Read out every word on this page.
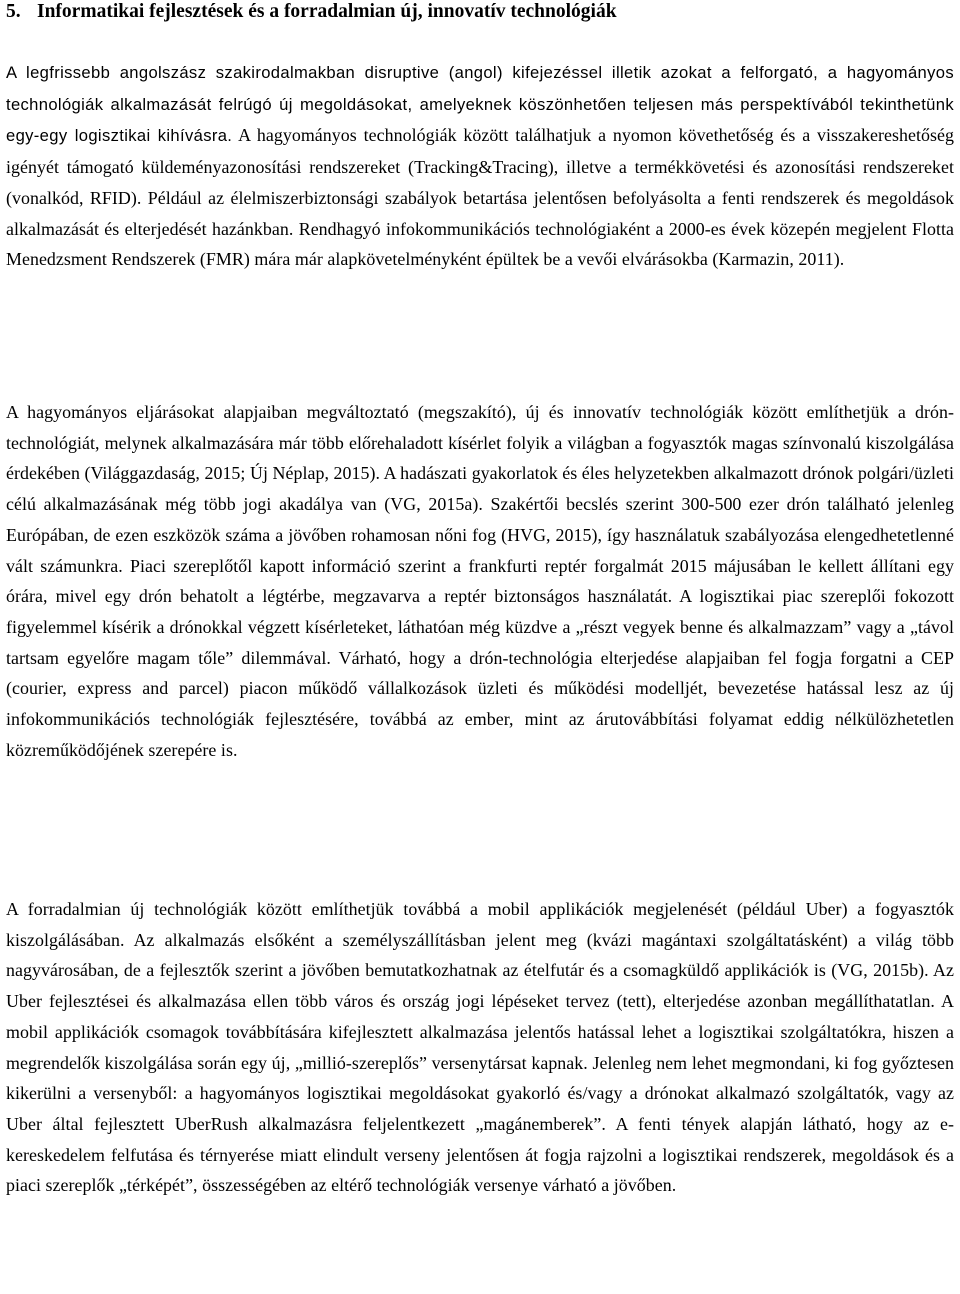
5. Informatikai fejlesztések és a forradalmian új, innovatív technológiák

A legfrissebb angolszász szakirodalmakban disruptive (angol) kifejezéssel illetik azokat a felforgató, a hagyományos technológiák alkalmazását felrúgó új megoldásokat, amelyeknek köszönhetően teljesen más perspektívából tekinthetünk egy-egy logisztikai kihívásra. A hagyományos technológiák között találhatjuk a nyomon követhetőség és a visszakereshetőség igényét támogató küldeményazonosítási rendszereket (Tracking&Tracing), illetve a termékkövetési és azonosítási rendszereket (vonalkód, RFID). Például az élelmiszerbiztonsági szabályok betartása jelentősen befolyásolta a fenti rendszerek és megoldások alkalmazását és elterjedését hazánkban. Rendhagyó infokommunikációs technológiaként a 2000-es évek közepén megjelent Flotta Menedzsment Rendszerek (FMR) mára már alapkövetelményként épültek be a vevői elvárásokba (Karmazin, 2011).

A hagyományos eljárásokat alapjaiban megváltoztató (megszakító), új és innovatív technológiák között említhetjük a drón-technológiát, melynek alkalmazására már több előrehaladott kísérlet folyik a világban a fogyasztók magas színvonalú kiszolgálása érdekében (Világgazdaság, 2015; Új Néplap, 2015). A hadászati gyakorlatok és éles helyzetekben alkalmazott drónok polgári/üzleti célú alkalmazásának még több jogi akadálya van (VG, 2015a). Szakértői becslés szerint 300-500 ezer drón található jelenleg Európában, de ezen eszközök száma a jövőben rohamosan nőni fog (HVG, 2015), így használatuk szabályozása elengedhetetlenné vált számunkra. Piaci szereplőtől kapott információ szerint a frankfurti reptér forgalmát 2015 májusában le kellett állítani egy órára, mivel egy drón behatolt a légtérbe, megzavarva a reptér biztonságos használatát. A logisztikai piac szereplői fokozott figyelemmel kísérik a drónokkal végzett kísérleteket, láthatóan még küzdve a „részt vegyek benne és alkalmazzam” vagy a „távol tartsam egyelőre magam tőle” dilemmával. Várható, hogy a drón-technológia elterjedése alapjaiban fel fogja forgatni a CEP (courier, express and parcel) piacon működő vállalkozások üzleti és működési modelljét, bevezetése hatással lesz az új infokommunikációs technológiák fejlesztésére, továbbá az ember, mint az árutovábbítási folyamat eddig nélkülözhetetlen közreműködőjének szerepére is.

A forradalmian új technológiák között említhetjük továbbá a mobil applikációk megjelenését (például Uber) a fogyasztók kiszolgálásában. Az alkalmazás elsőként a személyszállításban jelent meg (kvázi magántaxi szolgáltatásként) a világ több nagyvárosában, de a fejlesztők szerint a jövőben bemutatkozhatnak az ételfutár és a csomagküldő applikációk is (VG, 2015b). Az Uber fejlesztései és alkalmazása ellen több város és ország jogi lépéseket tervez (tett), elterjedése azonban megállíthatatlan. A mobil applikációk csomagok továbbítására kifejlesztett alkalmazása jelentős hatással lehet a logisztikai szolgáltatókra, hiszen a megrendelők kiszolgálása során egy új, „millió-szereplős” versenytársat kapnak. Jelenleg nem lehet megmondani, ki fog győztesen kikerülni a versenyből: a hagyományos logisztikai megoldásokat gyakorló és/vagy a drónokat alkalmazó szolgáltatók, vagy az Uber által fejlesztett UberRush alkalmazásra feljelentkezett „magánemberek”. A fenti tények alapján látható, hogy az e-kereskedelem felfutása és térnyerése miatt elindult verseny jelentősen át fogja rajzolni a logisztikai rendszerek, megoldások és a piaci szereplők „térképét”, összességében az eltérő technológiák versenye várható a jövőben.
